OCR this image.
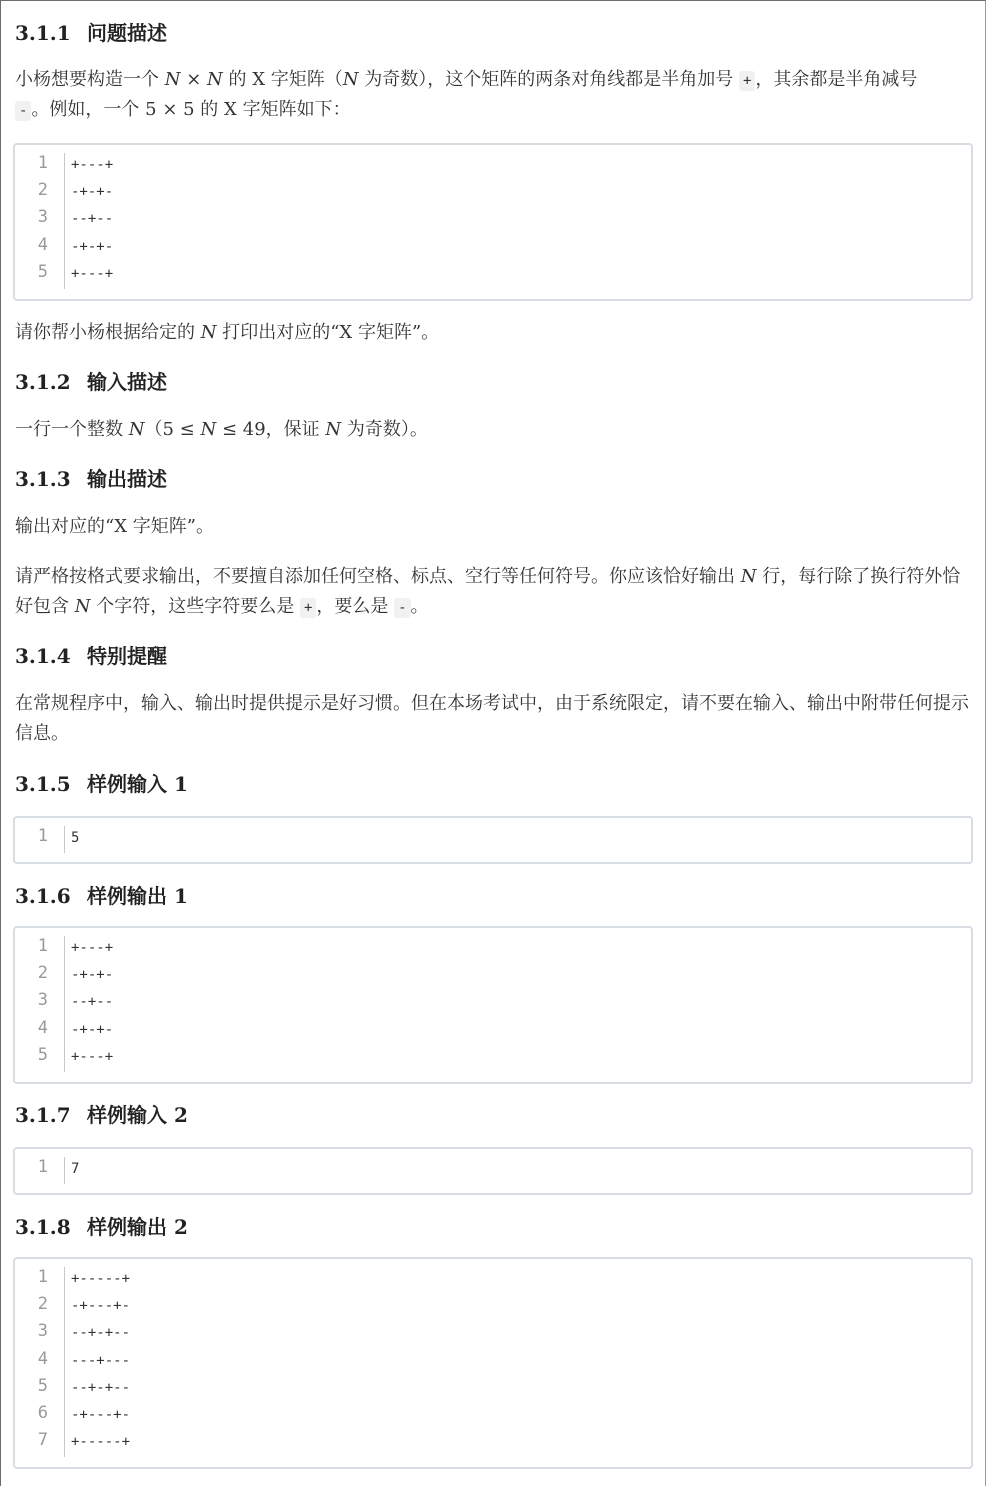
3.1.1 问题描述
小杨想要构造一个 N × N 的 X 字矩阵（N 为奇数），这个矩阵的两条对角线都是半角加号 + ，其余都是半角减号
- 。例如，一个 5 × 5 的 X 字矩阵如下：
1 +---+
2 -+-+-
3 --+--
4 -+-+-
5 +---+
请你帮小杨根据给定的 N 打印出对应的“X 字矩阵”。
3.1.2 输入描述
一行一个整数 N（5 ≤ N ≤ 49，保证 N 为奇数）。
3.1.3 输出描述
输出对应的“X 字矩阵”。
请严格按格式要求输出，不要擅自添加任何空格、标点、空行等任何符号。你应该恰好输出 N 行，每行除了换行符外恰好包含 N 个字符，这些字符要么是 + ，要么是 - 。
3.1.4 特别提醒
在常规程序中，输入、输出时提供提示是好习惯。但在本场考试中，由于系统限定，请不要在输入、输出中附带任何提示信息。
3.1.5 样例输入 1
1 5
3.1.6 样例输出 1
1 +---+
2 -+-+-
3 --+--
4 -+-+-
5 +---+
3.1.7 样例输入 2
1 7
3.1.8 样例输出 2
1 +-----+
2 -+---+-
3 --+-+--
4 ---+---
5 --+-+--
6 -+---+-
7 +-----+
